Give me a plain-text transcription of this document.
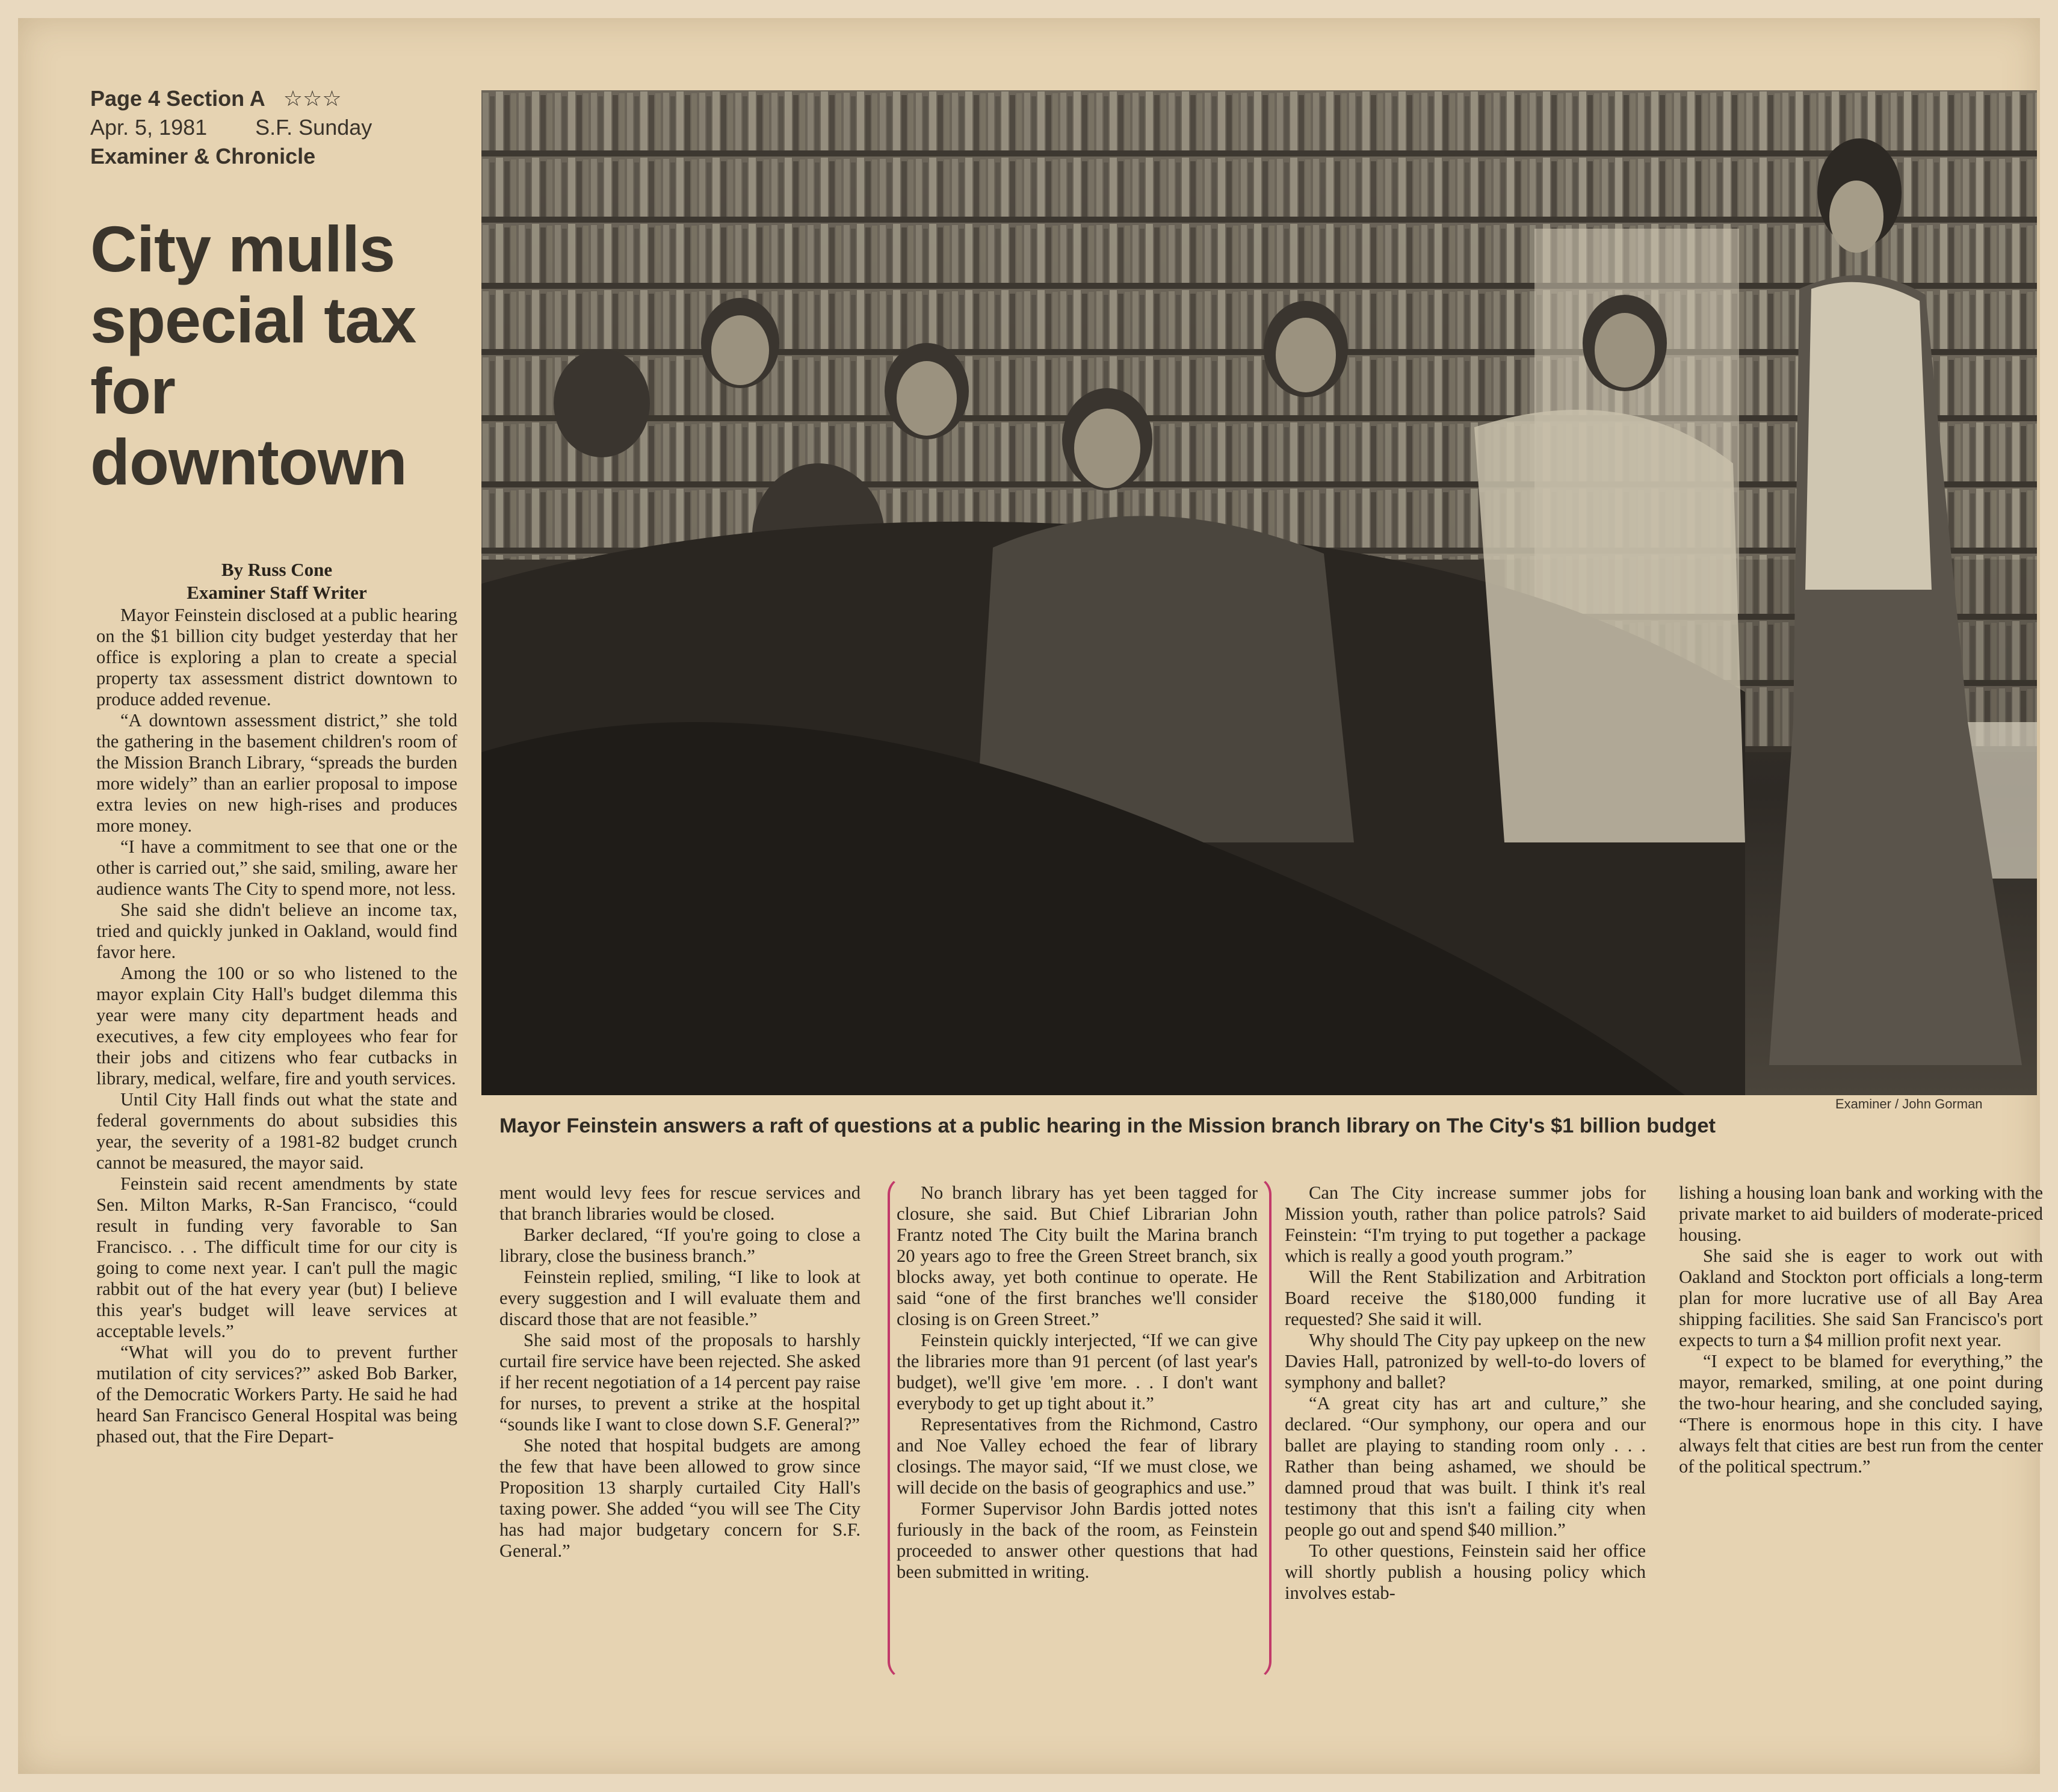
Page 4 Section A ☆☆☆
Apr. 5, 1981 S.F. Sunday
Examiner & Chronicle
City mulls special tax for downtown
By Russ Cone
Examiner Staff Writer

Mayor Feinstein disclosed at a public hearing on the $1 billion city budget yesterday that her office is exploring a plan to create a special property tax assessment district downtown to produce added revenue.

“A downtown assessment district,” she told the gathering in the basement children's room of the Mission Branch Library, “spreads the burden more widely” than an earlier proposal to impose extra levies on new high-rises and produces more money.

“I have a commitment to see that one or the other is carried out,” she said, smiling, aware her audience wants The City to spend more, not less.

She said she didn't believe an income tax, tried and quickly junked in Oakland, would find favor here.

Among the 100 or so who listened to the mayor explain City Hall's budget dilemma this year were many city department heads and executives, a few city employees who fear for their jobs and citizens who fear cutbacks in library, medical, welfare, fire and youth services.

Until City Hall finds out what the state and federal governments do about subsidies this year, the severity of a 1981-82 budget crunch cannot be measured, the mayor said.

Feinstein said recent amendments by state Sen. Milton Marks, R-San Francisco, “could result in funding very favorable to San Francisco. . . The difficult time for our city is going to come next year. I can't pull the magic rabbit out of the hat every year (but) I believe this year's budget will leave services at acceptable levels.”

“What will you do to prevent further mutilation of city services?” asked Bob Barker, of the Democratic Workers Party. He said he had heard San Francisco General Hospital was being phased out, that the Fire Depart-

Examiner / John Gorman
Mayor Feinstein answers a raft of questions at a public hearing in the Mission branch library on The City's $1 billion budget

ment would levy fees for rescue services and that branch libraries would be closed.

Barker declared, “If you're going to close a library, close the business branch.”

Feinstein replied, smiling, “I like to look at every suggestion and I will evaluate them and discard those that are not feasible.”

She said most of the proposals to harshly curtail fire service have been rejected. She asked if her recent negotiation of a 14 percent pay raise for nurses, to prevent a strike at the hospital “sounds like I want to close down S.F. General?”

She noted that hospital budgets are among the few that have been allowed to grow since Proposition 13 sharply curtailed City Hall's taxing power. She added “you will see The City has had major budgetary concern for S.F. General.”

No branch library has yet been tagged for closure, she said. But Chief Librarian John Frantz noted The City built the Marina branch 20 years ago to free the Green Street branch, six blocks away, yet both continue to operate. He said “one of the first branches we'll consider closing is on Green Street.”

Feinstein quickly interjected, “If we can give the libraries more than 91 percent (of last year's budget), we'll give 'em more. . . I don't want everybody to get up tight about it.”

Representatives from the Richmond, Castro and Noe Valley echoed the fear of library closings. The mayor said, “If we must close, we will decide on the basis of geographics and use.”

Former Supervisor John Bardis jotted notes furiously in the back of the room, as Feinstein proceeded to answer other questions that had been submitted in writing.

Can The City increase summer jobs for Mission youth, rather than police patrols? Said Feinstein: “I'm trying to put together a package which is really a good youth program.”

Will the Rent Stabilization and Arbitration Board receive the $180,000 funding it requested? She said it will.

Why should The City pay upkeep on the new Davies Hall, patronized by well-to-do lovers of symphony and ballet?

“A great city has art and culture,” she declared. “Our symphony, our opera and our ballet are playing to standing room only . . . Rather than being ashamed, we should be damned proud that was built. I think it's real testimony that this isn't a failing city when people go out and spend $40 million.”

To other questions, Feinstein said her office will shortly publish a housing policy which involves estab-

lishing a housing loan bank and working with the private market to aid builders of moderate-priced housing.

She said she is eager to work out with Oakland and Stockton port officials a long-term plan for more lucrative use of all Bay Area shipping facilities. She said San Francisco's port expects to turn a $4 million profit next year.

“I expect to be blamed for everything,” the mayor, remarked, smiling, at one point during the two-hour hearing, and she concluded saying, “There is enormous hope in this city. I have always felt that cities are best run from the center of the political spectrum.”
